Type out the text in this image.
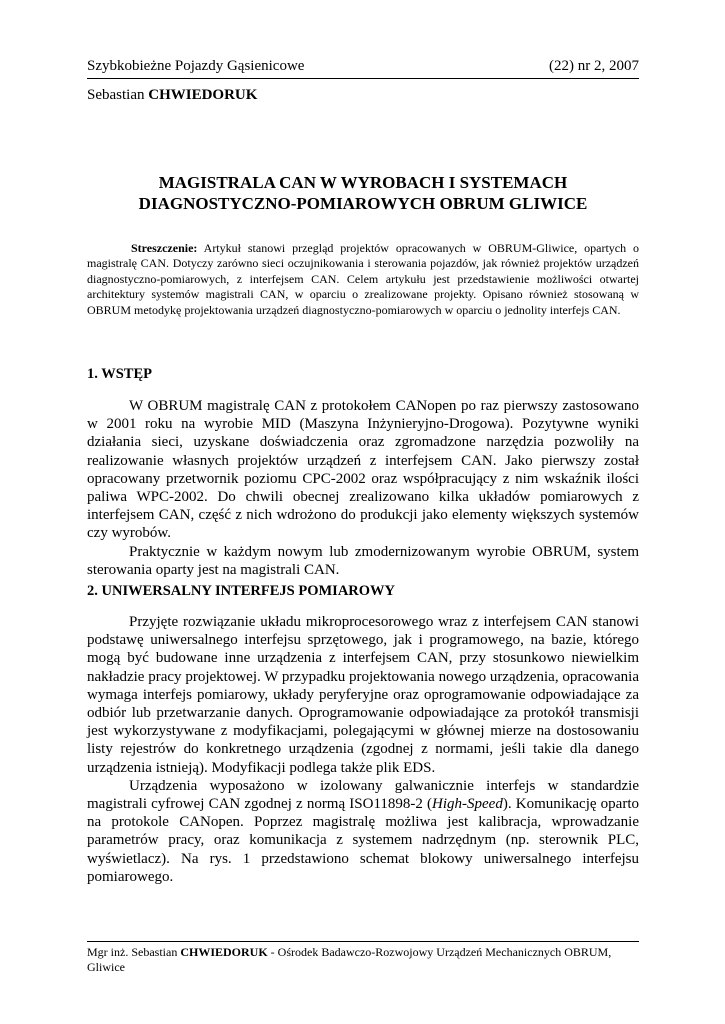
Szybkobieżne Pojazdy Gąsienicowe	(22) nr 2, 2007
Sebastian CHWIEDORUK
MAGISTRALA CAN W WYROBACH I SYSTEMACH
DIAGNOSTYCZNO-POMIAROWYCH OBRUM GLIWICE
Streszczenie: Artykuł stanowi przegląd projektów opracowanych w OBRUM-Gliwice, opartych o magistralę CAN. Dotyczy zarówno sieci oczujnikowania i sterowania pojazdów, jak również projektów urządzeń diagnostyczno-pomiarowych, z interfejsem CAN. Celem artykułu jest przedstawienie możliwości otwartej architektury systemów magistrali CAN, w oparciu o zrealizowane projekty. Opisano również stosowaną w OBRUM metodykę projektowania urządzeń diagnostyczno-pomiarowych w oparciu o jednolity interfejs CAN.
1. WSTĘP

W OBRUM magistralę CAN z protokołem CANopen po raz pierwszy zastosowano w 2001 roku na wyrobie MID (Maszyna Inżynieryjno-Drogowa). Pozytywne wyniki działania sieci, uzyskane doświadczenia oraz zgromadzone narzędzia pozwoliły na realizowanie własnych projektów urządzeń z interfejsem CAN. Jako pierwszy został opracowany przetwornik poziomu CPC-2002 oraz współpracujący z nim wskaźnik ilości paliwa WPC-2002. Do chwili obecnej zrealizowano kilka układów pomiarowych z interfejsem CAN, część z nich wdrożono do produkcji jako elementy większych systemów czy wyrobów.

Praktycznie w każdym nowym lub zmodernizowanym wyrobie OBRUM, system sterowania oparty jest na magistrali CAN.

2. UNIWERSALNY INTERFEJS POMIAROWY

Przyjęte rozwiązanie układu mikroprocesorowego wraz z interfejsem CAN stanowi podstawę uniwersalnego interfejsu sprzętowego, jak i programowego, na bazie, którego mogą być budowane inne urządzenia z interfejsem CAN, przy stosunkowo niewielkim nakładzie pracy projektowej. W przypadku projektowania nowego urządzenia, opracowania wymaga interfejs pomiarowy, układy peryferyjne oraz oprogramowanie odpowiadające za odbiór lub przetwarzanie danych. Oprogramowanie odpowiadające za protokół transmisji jest wykorzystywane z modyfikacjami, polegającymi w głównej mierze na dostosowaniu listy rejestrów do konkretnego urządzenia (zgodnej z normami, jeśli takie dla danego urządzenia istnieją). Modyfikacji podlega także plik EDS.

Urządzenia wyposażono w izolowany galwanicznie interfejs w standardzie magistrali cyfrowej CAN zgodnej z normą ISO11898-2 (High-Speed). Komunikację oparto na protokole CANopen. Poprzez magistralę możliwa jest kalibracja, wprowadzanie parametrów pracy, oraz komunikacja z systemem nadrzędnym (np. sterownik PLC, wyświetlacz). Na rys. 1 przedstawiono schemat blokowy uniwersalnego interfejsu pomiarowego.

Mgr inż. Sebastian CHWIEDORUK - Ośrodek Badawczo-Rozwojowy Urządzeń Mechanicznych OBRUM, Gliwice
